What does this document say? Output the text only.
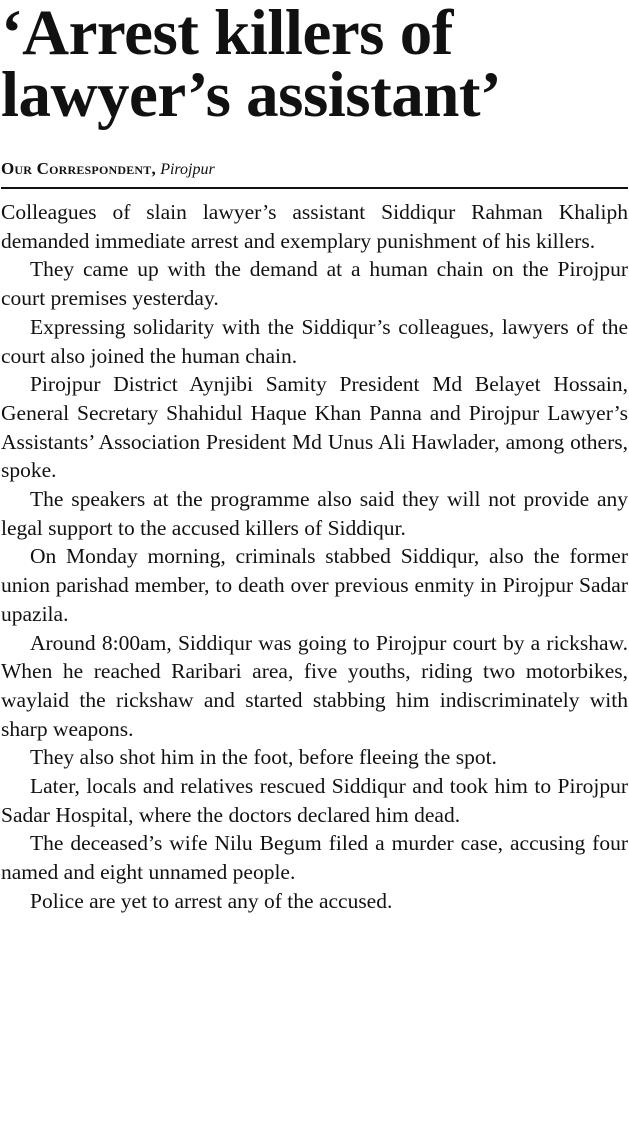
‘Arrest killers of
lawyer’s assistant’
Our Correspondent, Pirojpur

Colleagues of slain lawyer’s assistant Siddiqur Rahman Khaliph demanded immediate arrest and exemplary punishment of his killers.

They came up with the demand at a human chain on the Pirojpur court premises yesterday.

Expressing solidarity with the Siddiqur’s colleagues, lawyers of the court also joined the human chain.

Pirojpur District Aynjibi Samity President Md Belayet Hossain, General Secretary Shahidul Haque Khan Panna and Pirojpur Lawyer’s Assistants’ Association President Md Unus Ali Hawlader, among others, spoke.

The speakers at the programme also said they will not provide any legal support to the accused killers of Siddiqur.

On Monday morning, criminals stabbed Siddiqur, also the former union parishad member, to death over previous enmity in Pirojpur Sadar upazila.

Around 8:00am, Siddiqur was going to Pirojpur court by a rickshaw. When he reached Raribari area, five youths, riding two motorbikes, waylaid the rickshaw and started stabbing him indiscriminately with sharp weapons.

They also shot him in the foot, before fleeing the spot.

Later, locals and relatives rescued Siddiqur and took him to Pirojpur Sadar Hospital, where the doctors declared him dead.

The deceased’s wife Nilu Begum filed a murder case, accusing four named and eight unnamed people.

Police are yet to arrest any of the accused.
